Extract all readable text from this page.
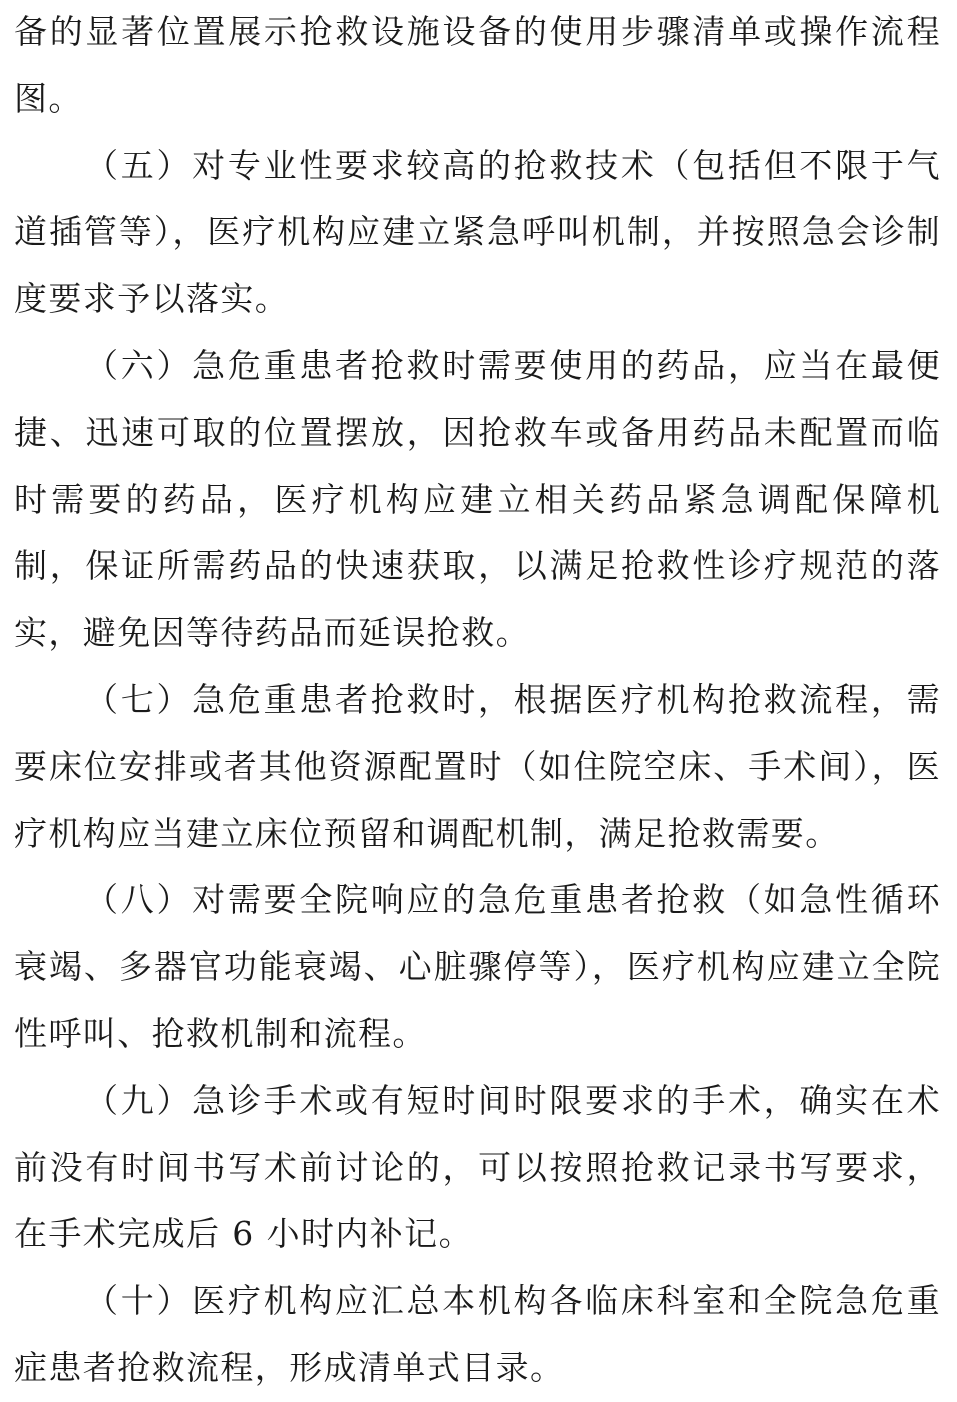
备的显著位置展示抢救设施设备的使用步骤清单或操作流程图。

（五）对专业性要求较高的抢救技术（包括但不限于气道插管等），医疗机构应建立紧急呼叫机制，并按照急会诊制度要求予以落实。

（六）急危重患者抢救时需要使用的药品，应当在最便捷、迅速可取的位置摆放，因抢救车或备用药品未配置而临时需要的药品，医疗机构应建立相关药品紧急调配保障机制，保证所需药品的快速获取，以满足抢救性诊疗规范的落实，避免因等待药品而延误抢救。

（七）急危重患者抢救时，根据医疗机构抢救流程，需要床位安排或者其他资源配置时（如住院空床、手术间），医疗机构应当建立床位预留和调配机制，满足抢救需要。

（八）对需要全院响应的急危重患者抢救（如急性循环衰竭、多器官功能衰竭、心脏骤停等），医疗机构应建立全院性呼叫、抢救机制和流程。

（九）急诊手术或有短时间时限要求的手术，确实在术前没有时间书写术前讨论的，可以按照抢救记录书写要求，在手术完成后 6 小时内补记。

（十）医疗机构应汇总本机构各临床科室和全院急危重症患者抢救流程，形成清单式目录。
